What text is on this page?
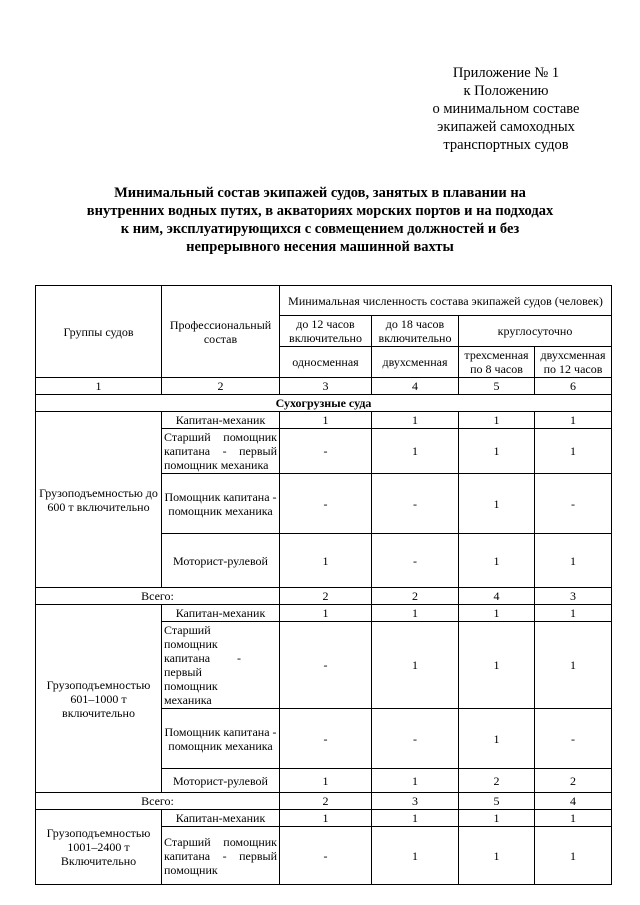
Приложение № 1
к Положению
о минимальном составе
экипажей самоходных
транспортных судов
Минимальный состав экипажей судов, занятых в плавании на
внутренних водных путях, в акваториях морских портов и на подходах
к ним, эксплуатирующихся с совмещением должностей и без
непрерывного несения машинной вахты
Группы судов	Профессиональный состав	Минимальная численность состава экипажей судов (человек)			
		до 12 часов включительно	до 18 часов включительно	круглосуточно	
		односменная	двухсменная	трехсменная по 8 часов	двухсменная по 12 часов
1	2	3	4	5	6
Сухогрузные суда					
Грузоподъемностью до 600 т включительно	Капитан-механик	1	1	1	1
	Старший помощник капитана - первый помощник механика	-	1	1	1
	Помощник капитана - помощник механика	-	-	1	-
	Моторист-рулевой	1	-	1	1
Всего:		2	2	4	3
Грузоподъемностью 601–1000 т включительно	Капитан-механик	1	1	1	1
	Старший помощник капитана - первый помощник механика	-	1	1	1
	Помощник капитана - помощник механика	-	-	1	-
	Моторист-рулевой	1	1	2	2
Всего:		2	3	5	4
Грузоподъемностью 1001–2400 т Включительно	Капитан-механик	1	1	1	1
	Старший помощник капитана - первый помощник	-	1	1	1
